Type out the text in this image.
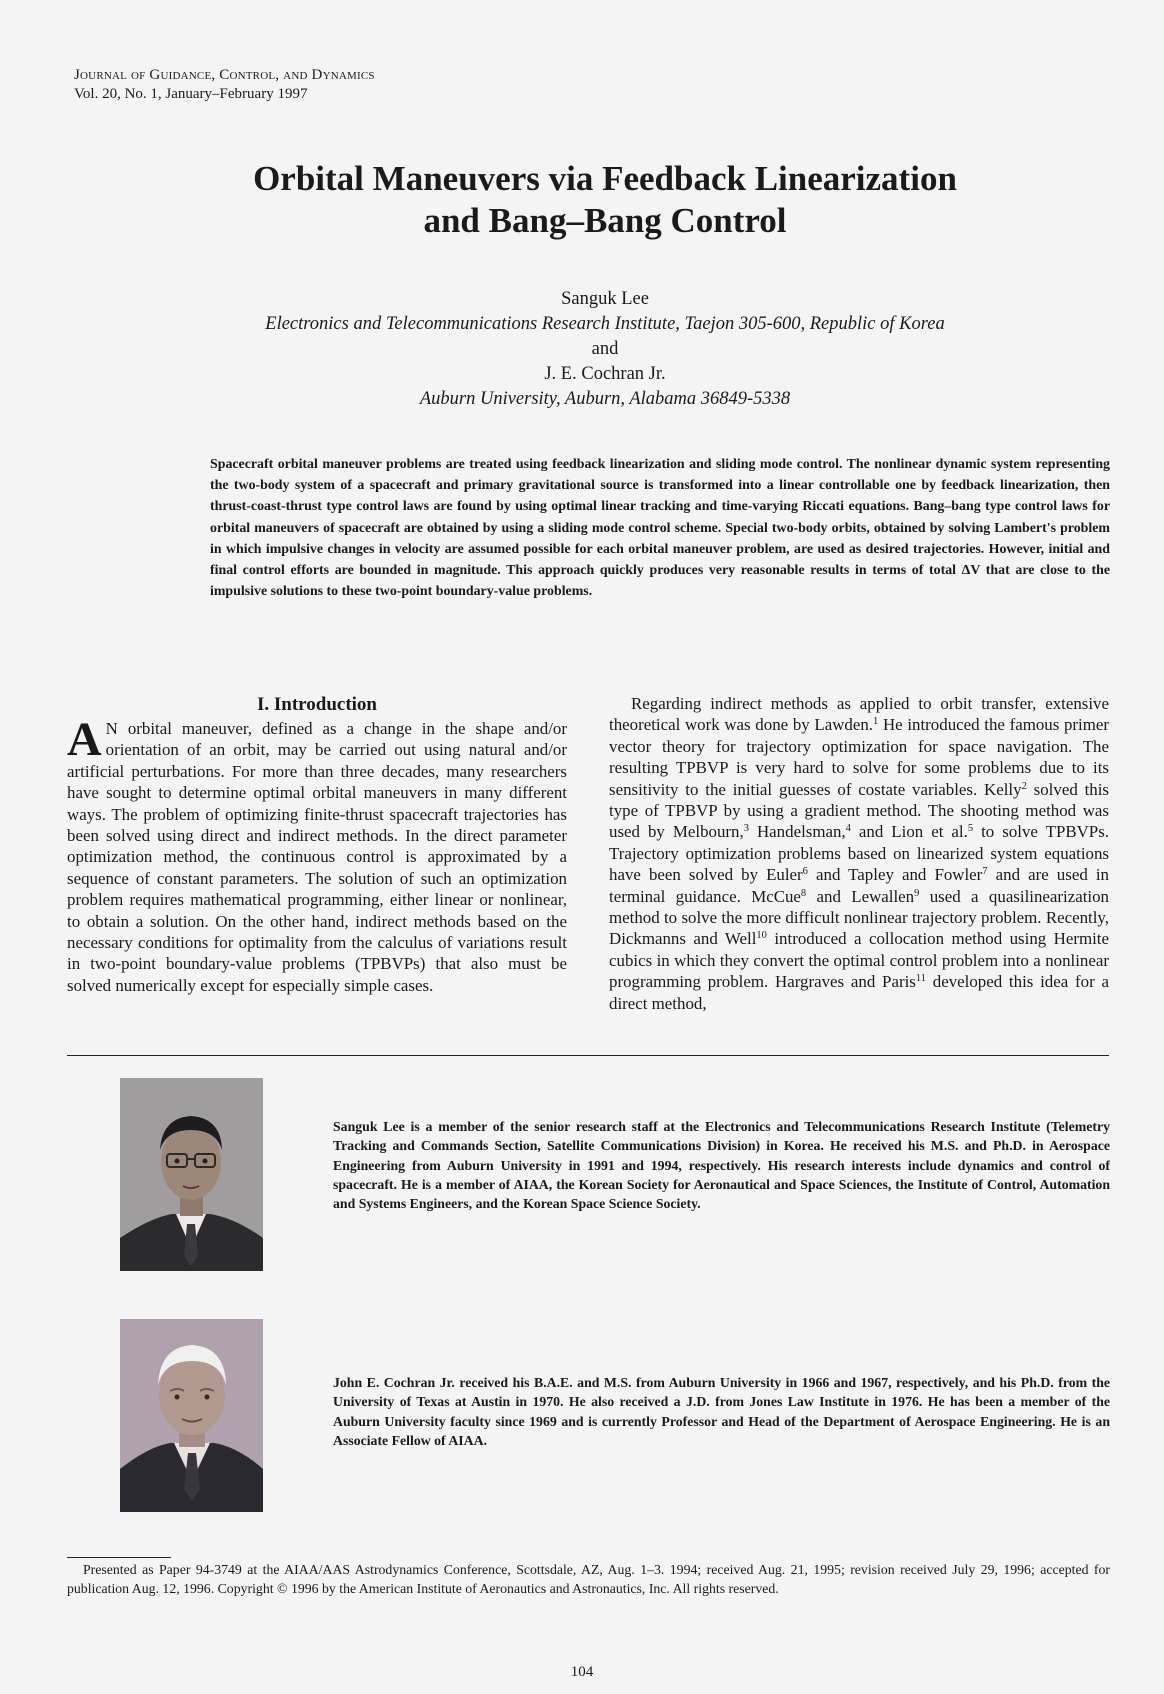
Journal of Guidance, Control, and Dynamics
Vol. 20, No. 1, January–February 1997
Orbital Maneuvers via Feedback Linearization
and Bang–Bang Control
Sanguk Lee
Electronics and Telecommunications Research Institute, Taejon 305-600, Republic of Korea
and
J. E. Cochran Jr.
Auburn University, Auburn, Alabama 36849-5338

Spacecraft orbital maneuver problems are treated using feedback linearization and sliding mode control. The nonlinear dynamic system representing the two-body system of a spacecraft and primary gravitational source is transformed into a linear controllable one by feedback linearization, then thrust-coast-thrust type control laws are found by using optimal linear tracking and time-varying Riccati equations. Bang–bang type control laws for orbital maneuvers of spacecraft are obtained by using a sliding mode control scheme. Special two-body orbits, obtained by solving Lambert's problem in which impulsive changes in velocity are assumed possible for each orbital maneuver problem, are used as desired trajectories. However, initial and final control efforts are bounded in magnitude. This approach quickly produces very reasonable results in terms of total ΔV that are close to the impulsive solutions to these two-point boundary-value problems.

I. Introduction

A N orbital maneuver, defined as a change in the shape and/or orientation of an orbit, may be carried out using natural and/or artificial perturbations. For more than three decades, many researchers have sought to determine optimal orbital maneuvers in many different ways. The problem of optimizing finite-thrust spacecraft trajectories has been solved using direct and indirect methods. In the direct parameter optimization method, the continuous control is approximated by a sequence of constant parameters. The solution of such an optimization problem requires mathematical programming, either linear or nonlinear, to obtain a solution. On the other hand, indirect methods based on the necessary conditions for optimality from the calculus of variations result in two-point boundary-value problems (TPBVPs) that also must be solved numerically except for especially simple cases.

Regarding indirect methods as applied to orbit transfer, extensive theoretical work was done by Lawden.$^1$ He introduced the famous primer vector theory for trajectory optimization for space navigation. The resulting TPBVP is very hard to solve for some problems due to its sensitivity to the initial guesses of costate variables. Kelly$^2$ solved this type of TPBVP by using a gradient method. The shooting method was used by Melbourn,$^3$ Handelsman,$^4$ and Lion et al.$^5$ to solve TPBVPs. Trajectory optimization problems based on linearized system equations have been solved by Euler$^6$ and Tapley and Fowler$^7$ and are used in terminal guidance. McCue$^8$ and Lewallen$^9$ used a quasilinearization method to solve the more difficult nonlinear trajectory problem. Recently, Dickmanns and Well$^{10}$ introduced a collocation method using Hermite cubics in which they convert the optimal control problem into a nonlinear programming problem. Hargraves and Paris$^{11}$ developed this idea for a direct method,

Sanguk Lee is a member of the senior research staff at the Electronics and Telecommunications Research Institute (Telemetry Tracking and Commands Section, Satellite Communications Division) in Korea. He received his M.S. and Ph.D. in Aerospace Engineering from Auburn University in 1991 and 1994, respectively. His research interests include dynamics and control of spacecraft. He is a member of AIAA, the Korean Society for Aeronautical and Space Sciences, the Institute of Control, Automation and Systems Engineers, and the Korean Space Science Society.

John E. Cochran Jr. received his B.A.E. and M.S. from Auburn University in 1966 and 1967, respectively, and his Ph.D. from the University of Texas at Austin in 1970. He also received a J.D. from Jones Law Institute in 1976. He has been a member of the Auburn University faculty since 1969 and is currently Professor and Head of the Department of Aerospace Engineering. He is an Associate Fellow of AIAA.

Presented as Paper 94-3749 at the AIAA/AAS Astrodynamics Conference, Scottsdale, AZ, Aug. 1–3. 1994; received Aug. 21, 1995; revision received July 29, 1996; accepted for publication Aug. 12, 1996. Copyright © 1996 by the American Institute of Aeronautics and Astronautics, Inc. All rights reserved.

104
